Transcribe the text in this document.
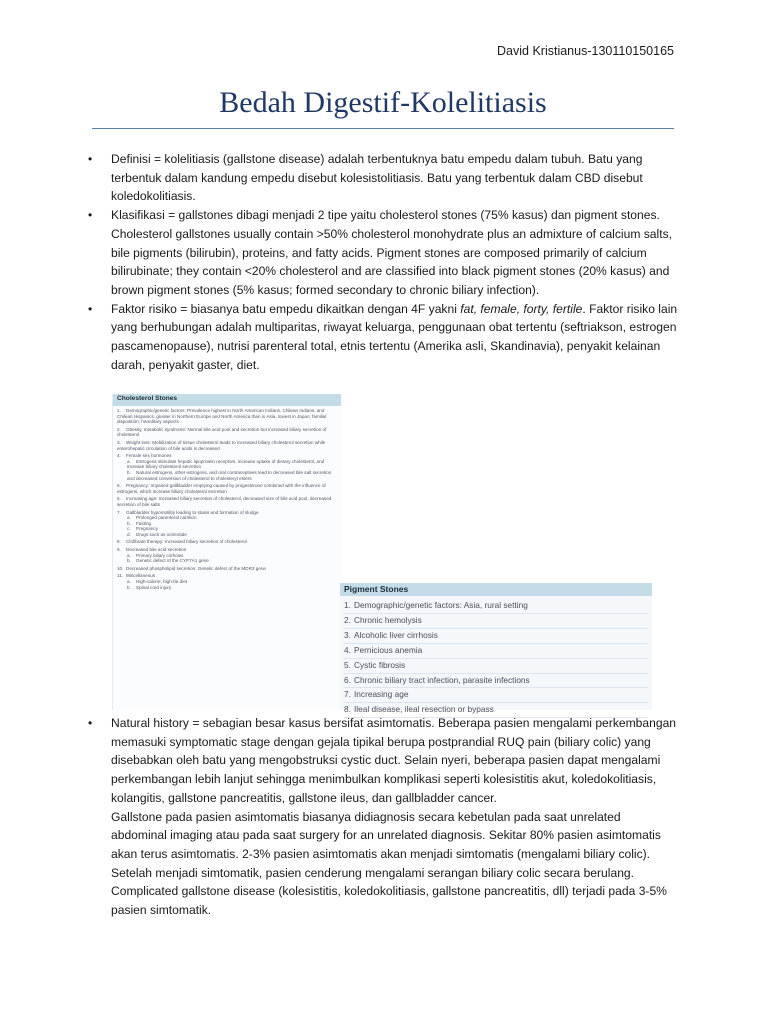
David Kristianus-130110150165
Bedah Digestif-Kolelitiasis
• Definisi = kolelitiasis (gallstone disease) adalah terbentuknya batu empedu dalam tubuh. Batu yang terbentuk dalam kandung empedu disebut kolesistolitiasis. Batu yang terbentuk dalam CBD disebut koledokolitiasis.
• Klasifikasi = gallstones dibagi menjadi 2 tipe yaitu cholesterol stones (75% kasus) dan pigment stones. Cholesterol gallstones usually contain >50% cholesterol monohydrate plus an admixture of calcium salts, bile pigments (bilirubin), proteins, and fatty acids. Pigment stones are composed primarily of calcium bilirubinate; they contain <20% cholesterol and are classified into black pigment stones (20% kasus) and brown pigment stones (5% kasus; formed secondary to chronic biliary infection).
• Faktor risiko = biasanya batu empedu dikaitkan dengan 4F yakni fat, female, forty, fertile. Faktor risiko lain yang berhubungan adalah multiparitas, riwayat keluarga, penggunaan obat tertentu (seftriakson, estrogen pascamenopause), nutrisi parenteral total, etnis tertentu (Amerika asli, Skandinavia), penyakit kelainan darah, penyakit gaster, diet.
Cholesterol Stones
1. Demographic/genetic factors: Prevalence highest in North American Indians, Chilean Indians, and Chilean Hispanics, greater in Northern Europe and North America than in Asia, lowest in Japan; familial disposition; hereditary aspects
2. Obesity, metabolic syndrome: Normal bile acid pool and secretion but increased biliary secretion of cholesterol
3. Weight loss: Mobilization of tissue cholesterol leads to increased biliary cholesterol secretion while enterohepatic circulation of bile acids is decreased
4. Female sex hormones
a. Estrogens stimulate hepatic lipoprotein receptors, increase uptake of dietary cholesterol, and increase biliary cholesterol secretion
b. Natural estrogens, other estrogens, and oral contraceptives lead to decreased bile salt secretion and decreased conversion of cholesterol to cholesteryl esters
5. Pregnancy: Impaired gallbladder emptying caused by progesterone combined with the influence of estrogens, which increase biliary cholesterol secretion
6. Increasing age: Increased biliary secretion of cholesterol, decreased size of bile acid pool, decreased secretion of bile salts
7. Gallbladder hypomotility leading to stasis and formation of sludge
a. Prolonged parenteral nutrition
b. Fasting
c. Pregnancy
d. Drugs such as octreotide
8. Clofibrate therapy: Increased biliary secretion of cholesterol
9. Decreased bile acid secretion
a. Primary biliary cirrhosis
b. Genetic defect of the CYP7A1 gene
10. Decreased phospholipid secretion: Genetic defect of the MDR3 gene
11. Miscellaneous
a. High-calorie, high-fat diet
b. Spinal cord injury	Pigment Stones
1. Demographic/genetic factors: Asia, rural setting
2. Chronic hemolysis
3. Alcoholic liver cirrhosis
4. Pernicious anemia
5. Cystic fibrosis
6. Chronic biliary tract infection, parasite infections
7. Increasing age
8. Ileal disease, ileal resection or bypass
• Natural history = sebagian besar kasus bersifat asimtomatis. Beberapa pasien mengalami perkembangan memasuki symptomatic stage dengan gejala tipikal berupa postprandial RUQ pain (biliary colic) yang disebabkan oleh batu yang mengobstruksi cystic duct. Selain nyeri, beberapa pasien dapat mengalami perkembangan lebih lanjut sehingga menimbulkan komplikasi seperti kolesistitis akut, koledokolitiasis, kolangitis, gallstone pancreatitis, gallstone ileus, dan gallbladder cancer.
Gallstone pada pasien asimtomatis biasanya didiagnosis secara kebetulan pada saat unrelated abdominal imaging atau pada saat surgery for an unrelated diagnosis. Sekitar 80% pasien asimtomatis akan terus asimtomatis. 2-3% pasien asimtomatis akan menjadi simtomatis (mengalami biliary colic). Setelah menjadi simtomatik, pasien cenderung mengalami serangan biliary colic secara berulang. Complicated gallstone disease (kolesistitis, koledokolitiasis, gallstone pancreatitis, dll) terjadi pada 3-5% pasien simtomatik.
